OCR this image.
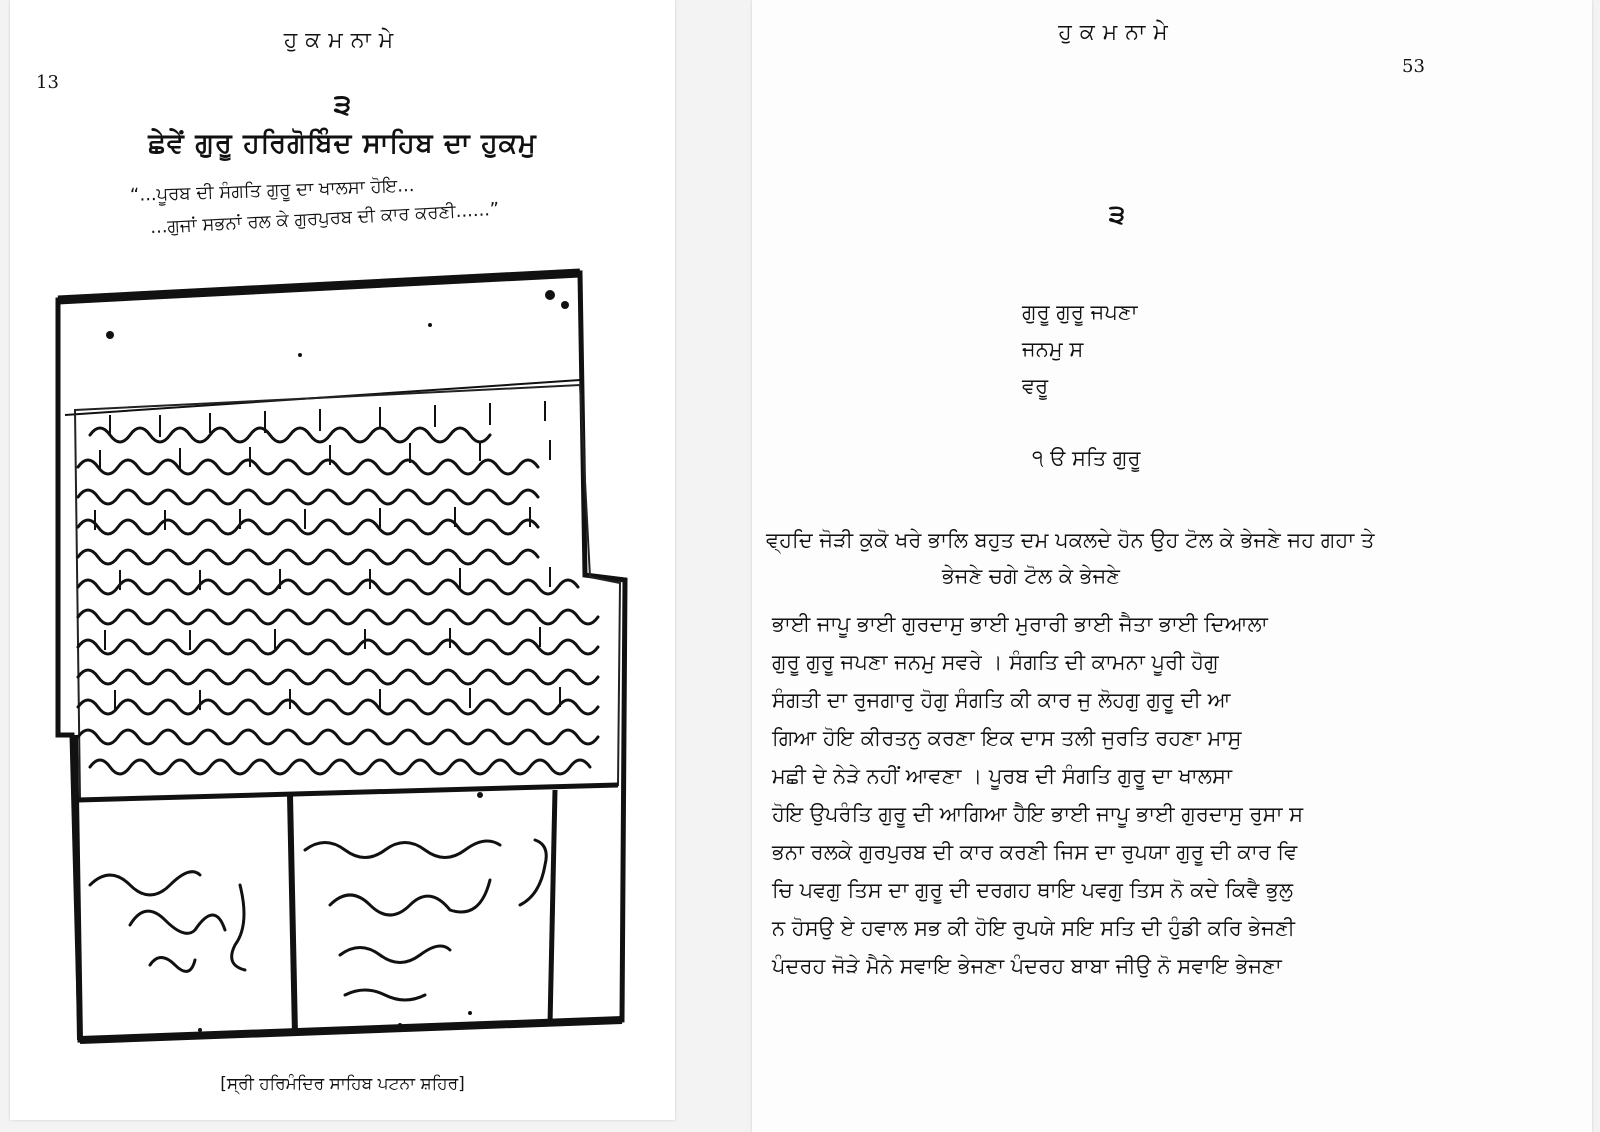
ਹੁਕਮਨਾਮੇ
13
੩
ਛੇਵੇਂ ਗੁਰੂ ਹਰਿਗੋਬਿੰਦ ਸਾਹਿਬ ਦਾ ਹੁਕਮੁ
“...ਪੂਰਬ ਦੀ ਸੰਗਤਿ ਗੁਰੂ ਦਾ ਖਾਲਸਾ ਹੋਇ...
...ਗੁਜਾਂ ਸਭਨਾਂ ਰਲ ਕੇ ਗੁਰਪੁਰਬ ਦੀ ਕਾਰ ਕਰਣੀ......”
[ਸ੍ਰੀ ਹਰਿਮੰਦਿਰ ਸਾਹਿਬ ਪਟਨਾ ਸ਼ਹਿਰ]
ਹੁਕਮਨਾਮੇ
53
੩
ਗੁਰੂ ਗੁਰੂ ਜਪਣਾ
ਜਨਮੁ ਸ
ਵਰੂ
੧ ੳ ਸਤਿ ਗੁਰੂ
ਵ੍ਹਦਿ ਜੋੜੀ ਕੁਕੋ ਖਰੇ ਭਾਲਿ ਬਹੁਤ ਦਮ ਪਕਲਦੇ ਹੋਨ ਉਹ ਟੋਲ ਕੇ ਭੇਜਣੇ ਜਹ ਗਹਾ ਤੇ
ਭੇਜਣੇ ਚਗੇ ਟੋਲ ਕੇ ਭੇਜਣੇ
ਭਾਈ ਜਾਪੂ ਭਾਈ ਗੁਰਦਾਸੁ ਭਾਈ ਮੁਰਾਰੀ ਭਾਈ ਜੈਤਾ ਭਾਈ ਦਿਆਲਾ
ਗੁਰੂ ਗੁਰੂ ਜਪਣਾ ਜਨਮੁ ਸਵਰੇ । ਸੰਗਤਿ ਦੀ ਕਾਮਨਾ ਪੂਰੀ ਹੋਗੁ
ਸੰਗਤੀ ਦਾ ਰੁਜਗਾਰੁ ਹੋਗੁ ਸੰਗਤਿ ਕੀ ਕਾਰ ਜੁ ਲੋਹਗੁ ਗੁਰੂ ਦੀ ਆ
ਗਿਆ ਹੋਇ ਕੀਰਤਨੁ ਕਰਣਾ ਇਕ ਦਾਸ ਤਲੀ ਜੁਰਤਿ ਰਹਣਾ ਮਾਸੁ
ਮਛੀ ਦੇ ਨੇੜੇ ਨਹੀਂ ਆਵਣਾ । ਪੂਰਬ ਦੀ ਸੰਗਤਿ ਗੁਰੂ ਦਾ ਖਾਲਸਾ
ਹੋਇ ਉਪਰੰਤਿ ਗੁਰੂ ਦੀ ਆਗਿਆ ਹੈਇ ਭਾਈ ਜਾਪੂ ਭਾਈ ਗੁਰਦਾਸੁ ਰੁਸਾ ਸ
ਭਨਾ ਰਲਕੇ ਗੁਰਪੁਰਬ ਦੀ ਕਾਰ ਕਰਣੀ ਜਿਸ ਦਾ ਰੁਪਯਾ ਗੁਰੂ ਦੀ ਕਾਰ ਵਿ
ਚਿ ਪਵਗੁ ਤਿਸ ਦਾ ਗੁਰੂ ਦੀ ਦਰਗਹ ਥਾਇ ਪਵਗੁ ਤਿਸ ਨੋ ਕਦੇ ਕਿਵੈ ਭੁਲੁ
ਨ ਹੋਸਉ ਏ ਹਵਾਲ ਸਭ ਕੀ ਹੋਇ ਰੁਪਯੇ ਸਇ ਸਤਿ ਦੀ ਹੁੰਡੀ ਕਰਿ ਭੇਜਣੀ
ਪੰਦਰਹ ਜੋੜੇ ਮੈਨੇ ਸਵਾਇ ਭੇਜਣਾ ਪੰਦਰਹ ਬਾਬਾ ਜੀਉ ਨੋ ਸਵਾਇ ਭੇਜਣਾ
